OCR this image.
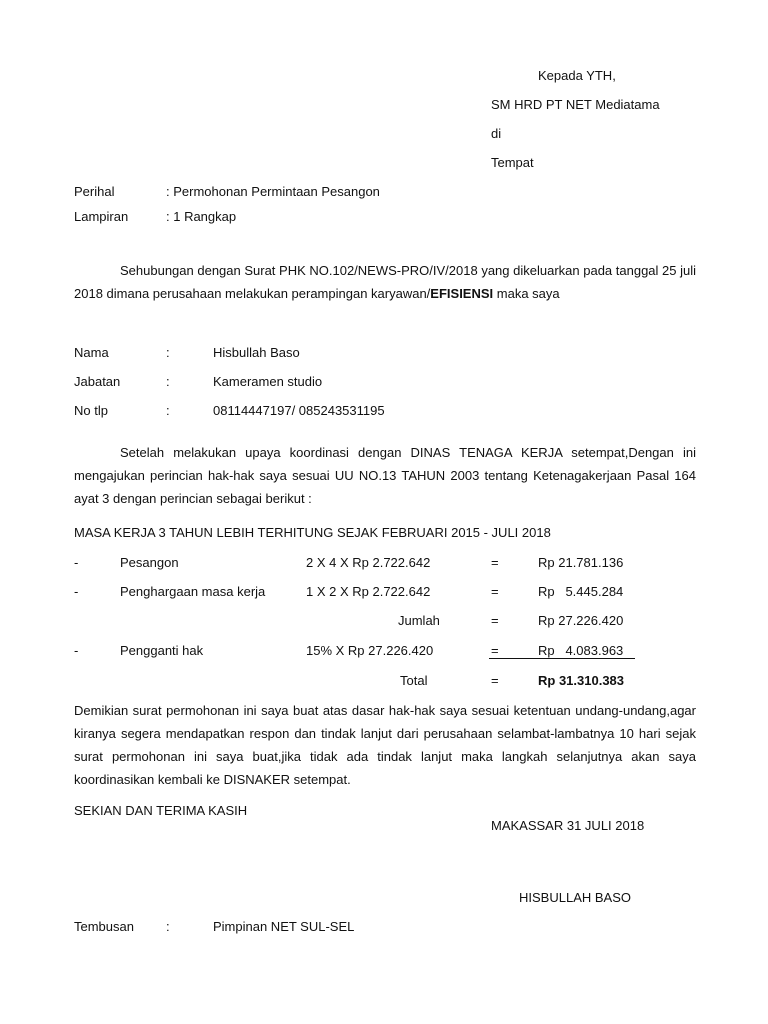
Kepada YTH,
SM HRD PT NET Mediatama
di
Tempat
Perihal	: Permohonan Permintaan Pesangon
Lampiran	: 1 Rangkap
Sehubungan dengan Surat PHK NO.102/NEWS-PRO/IV/2018 yang dikeluarkan pada tanggal 25 juli 2018 dimana perusahaan melakukan perampingan karyawan/EFISIENSI maka saya
Nama	:	Hisbullah Baso
Jabatan	:	Kameramen studio
No tlp	:	08114447197/ 085243531195
Setelah melakukan upaya koordinasi dengan DINAS TENAGA KERJA setempat,Dengan ini mengajukan perincian hak-hak saya sesuai UU NO.13 TAHUN 2003 tentang Ketenagakerjaan Pasal 164 ayat 3 dengan perincian sebagai berikut :
MASA KERJA 3 TAHUN LEBIH TERHITUNG SEJAK FEBRUARI 2015 - JULI 2018
-	Pesangon	2 X 4 X Rp 2.722.642	=	Rp 21.781.136
-	Penghargaan masa kerja	1 X 2 X Rp 2.722.642	=	Rp   5.445.284
Jumlah	=	Rp 27.226.420
-	Pengganti hak	15% X Rp 27.226.420	=	Rp   4.083.963
Total	=	Rp 31.310.383
Demikian surat permohonan ini saya buat atas dasar hak-hak saya sesuai ketentuan undang-undang,agar kiranya segera mendapatkan respon dan tindak lanjut dari perusahaan selambat-lambatnya 10 hari sejak surat permohonan ini saya buat,jika tidak ada tindak lanjut maka langkah selanjutnya akan saya koordinasikan kembali ke DISNAKER setempat.
SEKIAN DAN TERIMA KASIH
MAKASSAR 31 JULI 2018
HISBULLAH BASO
Tembusan :	Pimpinan NET SUL-SEL
